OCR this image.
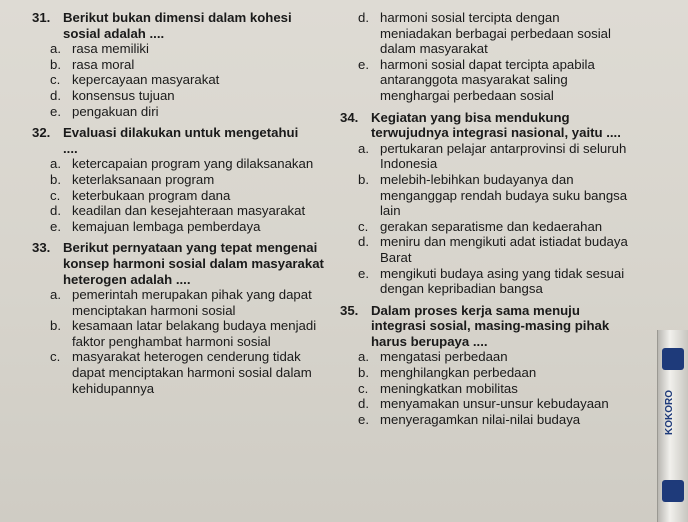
31. Berikut bukan dimensi dalam kohesi sosial adalah ....
a. rasa memiliki
b. rasa moral
c. kepercayaan masyarakat
d. konsensus tujuan
e. pengakuan diri
32. Evaluasi dilakukan untuk mengetahui
....
a. ketercapaian program yang dilaksanakan
b. keterlaksanaan program
c. keterbukaan program dana
d. keadilan dan kesejahteraan masyarakat
e. kemajuan lembaga pemberdaya
33. Berikut pernyataan yang tepat mengenai konsep harmoni sosial dalam masyarakat heterogen adalah ....
a. pemerintah merupakan pihak yang dapat menciptakan harmoni sosial
b. kesamaan latar belakang budaya menjadi faktor penghambat harmoni sosial
c. masyarakat heterogen cenderung tidak dapat menciptakan harmoni sosial dalam kehidupannya
d. harmoni sosial tercipta dengan meniadakan berbagai perbedaan sosial dalam masyarakat
e. harmoni sosial dapat tercipta apabila antaranggota masyarakat saling menghargai perbedaan sosial
34. Kegiatan yang bisa mendukung terwujudnya integrasi nasional, yaitu ....
a. pertukaran pelajar antarprovinsi di seluruh Indonesia
b. melebih-lebihkan budayanya dan menganggap rendah budaya suku bangsa lain
c. gerakan separatisme dan kedaerahan
d. meniru dan mengikuti adat istiadat budaya Barat
e. mengikuti budaya asing yang tidak sesuai dengan kepribadian bangsa
35. Dalam proses kerja sama menuju integrasi sosial, masing-masing pihak harus berupaya ....
a. mengatasi perbedaan
b. menghilangkan perbedaan
c. meningkatkan mobilitas
d. menyamakan unsur-unsur kebudayaan
e. menyeragamkan nilai-nilai budaya	KOKORO
